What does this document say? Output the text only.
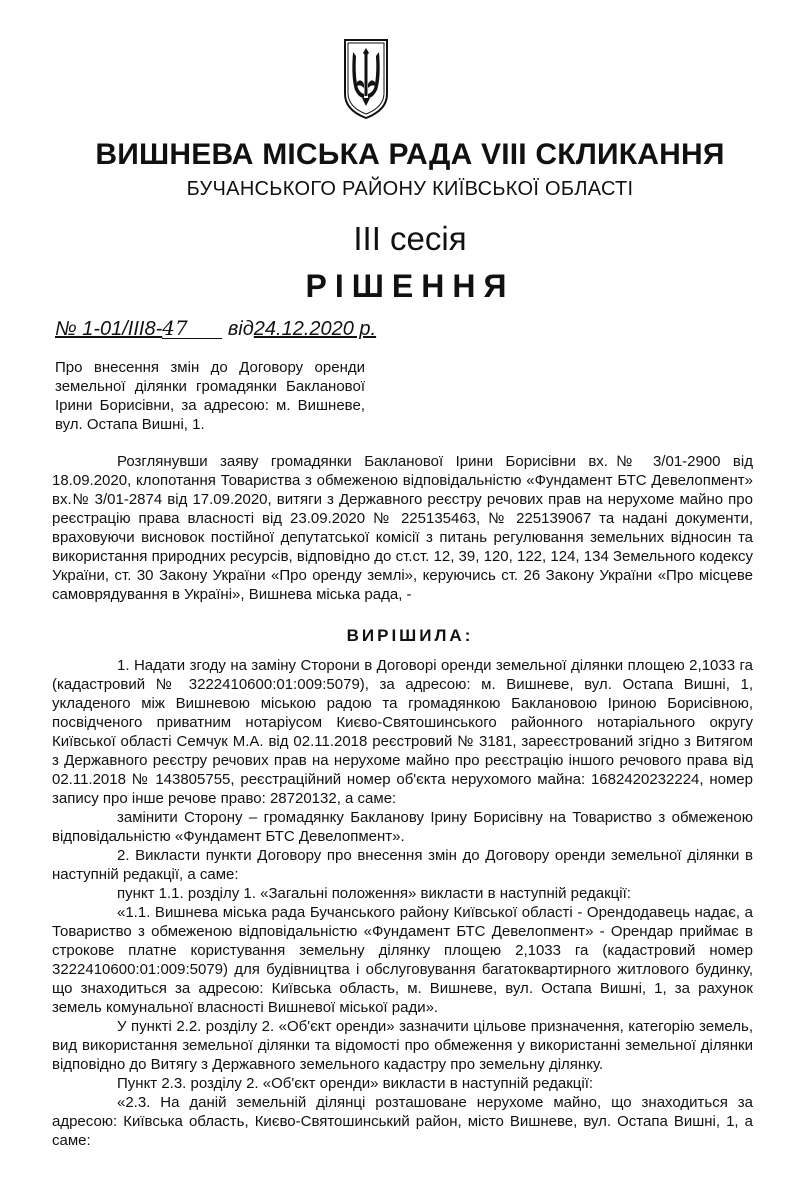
ВИШНЕВА МІСЬКА РАДА VIII СКЛИКАННЯ
БУЧАНСЬКОГО РАЙОНУ КИЇВСЬКОЇ ОБЛАСТІ
ІІІ сесія
РІШЕННЯ
№ 1-01/ІІІ8-47 від24.12.2020 р.
Про внесення змін до Договору оренди земельної ділянки громадянки Бакланової Ірини Борисівни, за адресою: м. Вишневе, вул. Остапа Вишні, 1.

Розглянувши заяву громадянки Бакланової Ірини Борисівни вх.№ 3/01-2900 від 18.09.2020, клопотання Товариства з обмеженою відповідальністю «Фундамент БТС Девелопмент» вх.№ 3/01-2874 від 17.09.2020, витяги з Державного реєстру речових прав на нерухоме майно про реєстрацію права власності від 23.09.2020 № 225135463, № 225139067 та надані документи, враховуючи висновок постійної депутатської комісії з питань регулювання земельних відносин та використання природних ресурсів, відповідно до ст.ст. 12, 39, 120, 122, 124, 134 Земельного кодексу України, ст. 30 Закону України «Про оренду землі», керуючись ст. 26 Закону України «Про місцеве самоврядування в Україні», Вишнева міська рада, -

ВИРІШИЛА:

1. Надати згоду на заміну Сторони в Договорі оренди земельної ділянки площею 2,1033 га (кадастровий № 3222410600:01:009:5079), за адресою: м. Вишневе, вул. Остапа Вишні, 1, укладеного між Вишневою міською радою та громадянкою Баклановою Іриною Борисівною, посвідченого приватним нотаріусом Києво-Святошинського районного нотаріального округу Київської області Семчук М.А. від 02.11.2018 реєстровий № 3181, зареєстрований згідно з Витягом з Державного реєстру речових прав на нерухоме майно про реєстрацію іншого речового права від 02.11.2018 № 143805755, реєстраційний номер об'єкта нерухомого майна: 1682420232224, номер запису про інше речове право: 28720132, а саме:

замінити Сторону – громадянку Бакланову Ірину Борисівну на Товариство з обмеженою відповідальністю «Фундамент БТС Девелопмент».

2. Викласти пункти Договору про внесення змін до Договору оренди земельної ділянки в наступній редакції, а саме:

пункт 1.1. розділу 1. «Загальні положення» викласти в наступній редакції:

«1.1. Вишнева міська рада Бучанського району Київської області - Орендодавець надає, а Товариство з обмеженою відповідальністю «Фундамент БТС Девелопмент» - Орендар приймає в строкове платне користування земельну ділянку площею 2,1033 га (кадастровий номер 3222410600:01:009:5079) для будівництва і обслуговування багатоквартирного житлового будинку, що знаходиться за адресою: Київська область, м. Вишневе, вул. Остапа Вишні, 1, за рахунок земель комунальної власності Вишневої міської ради».

У пункті 2.2. розділу 2. «Об'єкт оренди» зазначити цільове призначення, категорію земель, вид використання земельної ділянки та відомості про обмеження у використанні земельної ділянки відповідно до Витягу з Державного земельного кадастру про земельну ділянку.

Пункт 2.3. розділу 2. «Об'єкт оренди» викласти в наступній редакції:

«2.3. На даній земельній ділянці розташоване нерухоме майно, що знаходиться за адресою: Київська область, Києво-Святошинський район, місто Вишневе, вул. Остапа Вишні, 1, а саме:
